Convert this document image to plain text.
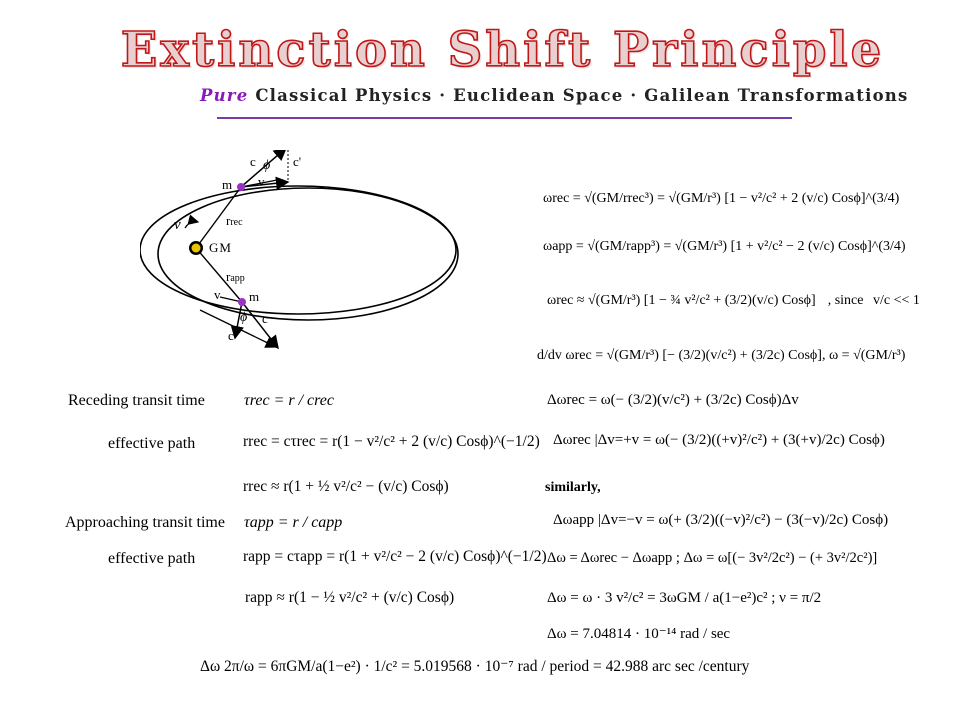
Extinction Shift Principle
Pure Classical Physics · Euclidean Space · Galilean Transformations
c ϕ c'
v
m
rrec
ν
GM
rapp
v m
ϕ c
c'
ωrec = √(GM/rrec³) = √(GM/r³) [1 − v²/c² + 2 (v/c) Cosϕ]^(3/4)
ωapp = √(GM/rapp³) = √(GM/r³) [1 + v²/c² − 2 (v/c) Cosϕ]^(3/4)
ωrec ≈ √(GM/r³) [1 − ¾ v²/c² + (3/2)(v/c) Cosϕ] , since v/c << 1
d/dv ωrec = √(GM/r³) [− (3/2)(v/c²) + (3/2c) Cosϕ], ω = √(GM/r³)
Δωrec = ω(− (3/2)(v/c²) + (3/2c) Cosϕ)Δv
Δωrec |Δv=+v = ω(− (3/2)((+v)²/c²) + (3(+v)/2c) Cosϕ)
similarly,
Δωapp |Δv=−v = ω(+ (3/2)((−v)²/c²) − (3(−v)/2c) Cosϕ)
Δω = Δωrec − Δωapp ; Δω = ω[(− 3v²/2c²) − (+ 3v²/2c²)]
Δω = ω · 3 v²/c² = 3ωGM / a(1−e²)c² ; ν = π/2
Δω = 7.04814 · 10⁻¹⁴ rad / sec
Receding transit time τrec = r / crec
effective path	rrec = cτrec = r(1 − v²/c² + 2 (v/c) Cosϕ)^(−1/2)
rrec ≈ r(1 + ½ v²/c² − (v/c) Cosϕ)
Approaching transit time τapp = r / capp
effective path	rapp = cτapp = r(1 + v²/c² − 2 (v/c) Cosϕ)^(−1/2)
rapp ≈ r(1 − ½ v²/c² + (v/c) Cosϕ)
Δω 2π/ω = 6πGM/a(1−e²) · 1/c² = 5.019568 · 10⁻⁷ rad / period = 42.988 arc sec /century
